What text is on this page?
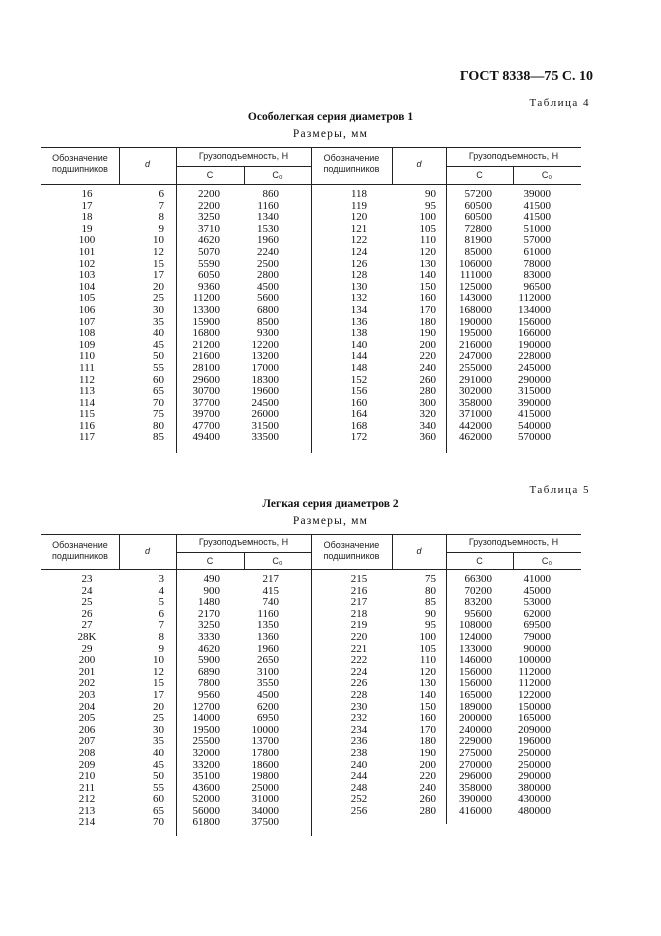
ГОСТ 8338—75 С. 10
Таблица 4
Особолегкая серия диаметров 1
Размеры, мм
Обозначение подшипников	d
Грузоподъемность, Н
C	C₀
Обозначение подшипников	d
Грузоподъемность, Н
C	C₀
16	6	2200	860
17	7	2200	1160
18	8	3250	1340
19	9	3710	1530
100	10	4620	1960
101	12	5070	2240
102	15	5590	2500
103	17	6050	2800
104	20	9360	4500
105	25	11200	5600
106	30	13300	6800
107	35	15900	8500
108	40	16800	9300
109	45	21200	12200
110	50	21600	13200
111	55	28100	17000
112	60	29600	18300
113	65	30700	19600
114	70	37700	24500
115	75	39700	26000
116	80	47700	31500
117	85	49400	33500
118	90	57200	39000
119	95	60500	41500
120	100	60500	41500
121	105	72800	51000
122	110	81900	57000
124	120	85000	61000
126	130	106000	78000
128	140	111000	83000
130	150	125000	96500
132	160	143000	112000
134	170	168000	134000
136	180	190000	156000
138	190	195000	166000
140	200	216000	190000
144	220	247000	228000
148	240	255000	245000
152	260	291000	290000
156	280	302000	315000
160	300	358000	390000
164	320	371000	415000
168	340	442000	540000
172	360	462000	570000
Таблица 5
Легкая серия диаметров 2
Размеры, мм
Обозначение подшипников	d
Грузоподъемность, Н
C	C₀
Обозначение подшипников	d
Грузоподъемность, Н
C	C₀
23	3	490	217
24	4	900	415
25	5	1480	740
26	6	2170	1160
27	7	3250	1350
28K	8	3330	1360
29	9	4620	1960
200	10	5900	2650
201	12	6890	3100
202	15	7800	3550
203	17	9560	4500
204	20	12700	6200
205	25	14000	6950
206	30	19500	10000
207	35	25500	13700
208	40	32000	17800
209	45	33200	18600
210	50	35100	19800
211	55	43600	25000
212	60	52000	31000
213	65	56000	34000
214	70	61800	37500
215	75	66300	41000
216	80	70200	45000
217	85	83200	53000
218	90	95600	62000
219	95	108000	69500
220	100	124000	79000
221	105	133000	90000
222	110	146000	100000
224	120	156000	112000
226	130	156000	112000
228	140	165000	122000
230	150	189000	150000
232	160	200000	165000
234	170	240000	209000
236	180	229000	196000
238	190	275000	250000
240	200	270000	250000
244	220	296000	290000
248	240	358000	380000
252	260	390000	430000
256	280	416000	480000
